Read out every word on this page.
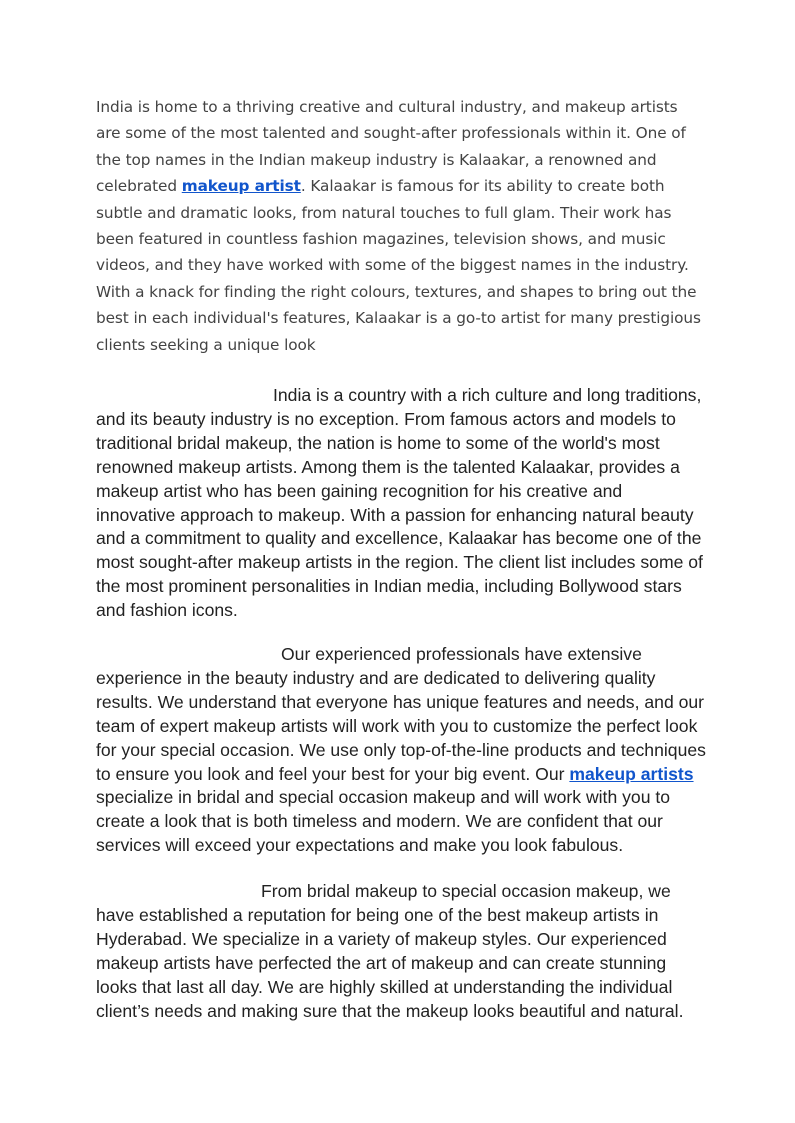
India is home to a thriving creative and cultural industry, and makeup artists are some of the most talented and sought-after professionals within it. One of the top names in the Indian makeup industry is Kalaakar, a renowned and celebrated makeup artist. Kalaakar is famous for its ability to create both subtle and dramatic looks, from natural touches to full glam. Their work has been featured in countless fashion magazines, television shows, and music videos, and they have worked with some of the biggest names in the industry. With a knack for finding the right colours, textures, and shapes to bring out the best in each individual's features, Kalaakar is a go-to artist for many prestigious clients seeking a unique look

India is a country with a rich culture and long traditions, and its beauty industry is no exception. From famous actors and models to traditional bridal makeup, the nation is home to some of the world's most renowned makeup artists. Among them is the talented Kalaakar, provides a makeup artist who has been gaining recognition for his creative and innovative approach to makeup. With a passion for enhancing natural beauty and a commitment to quality and excellence, Kalaakar has become one of the most sought-after makeup artists in the region. The client list includes some of the most prominent personalities in Indian media, including Bollywood stars and fashion icons.

Our experienced professionals have extensive experience in the beauty industry and are dedicated to delivering quality results. We understand that everyone has unique features and needs, and our team of expert makeup artists will work with you to customize the perfect look for your special occasion. We use only top-of-the-line products and techniques to ensure you look and feel your best for your big event. Our makeup artists specialize in bridal and special occasion makeup and will work with you to create a look that is both timeless and modern. We are confident that our services will exceed your expectations and make you look fabulous.

From bridal makeup to special occasion makeup, we have established a reputation for being one of the best makeup artists in Hyderabad. We specialize in a variety of makeup styles. Our experienced makeup artists have perfected the art of makeup and can create stunning looks that last all day. We are highly skilled at understanding the individual client’s needs and making sure that the makeup looks beautiful and natural.
